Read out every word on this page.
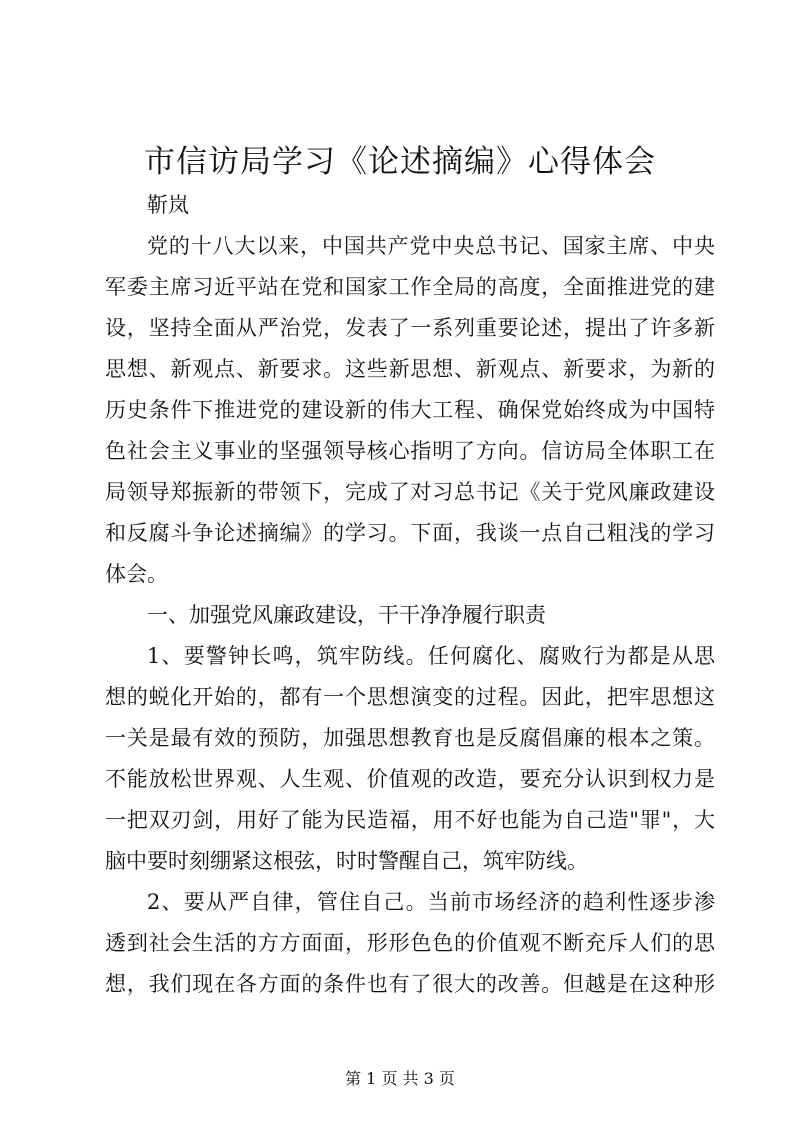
市信访局学习《论述摘编》心得体会
靳岚
党的十八大以来，中国共产党中央总书记、国家主席、中央
军委主席习近平站在党和国家工作全局的高度，全面推进党的建
设，坚持全面从严治党，发表了一系列重要论述，提出了许多新
思想、新观点、新要求。这些新思想、新观点、新要求，为新的
历史条件下推进党的建设新的伟大工程、确保党始终成为中国特
色社会主义事业的坚强领导核心指明了方向。信访局全体职工在
局领导郑振新的带领下，完成了对习总书记《关于党风廉政建设
和反腐斗争论述摘编》的学习。下面，我谈一点自己粗浅的学习
体会。
一、加强党风廉政建设，干干净净履行职责
1、要警钟长鸣，筑牢防线。任何腐化、腐败行为都是从思
想的蜕化开始的，都有一个思想演变的过程。因此，把牢思想这
一关是最有效的预防，加强思想教育也是反腐倡廉的根本之策。
不能放松世界观、人生观、价值观的改造，要充分认识到权力是
一把双刃剑，用好了能为民造福，用不好也能为自己造"罪"，大
脑中要时刻绷紧这根弦，时时警醒自己，筑牢防线。
2、要从严自律，管住自己。当前市场经济的趋利性逐步渗
透到社会生活的方方面面，形形色色的价值观不断充斥人们的思
想，我们现在各方面的条件也有了很大的改善。但越是在这种形
第 1 页 共 3 页
